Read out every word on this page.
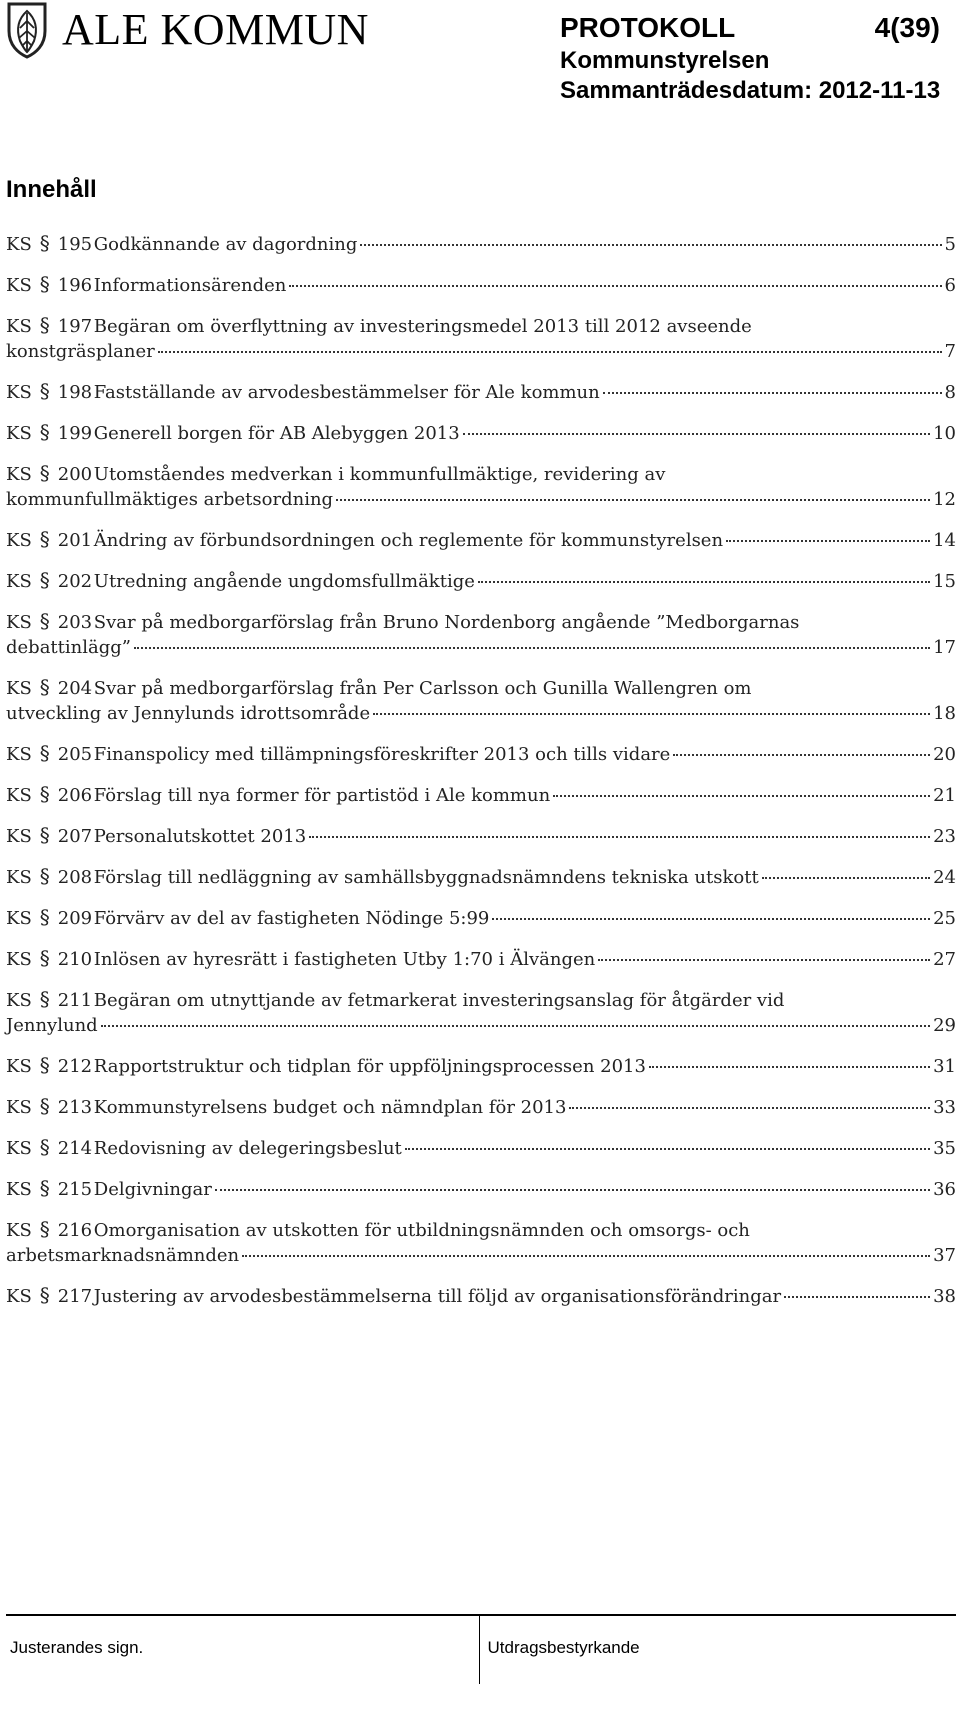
ALE KOMMUN	PROTOKOLL	4(39)
Kommunstyrelsen
Sammanträdesdatum: 2012-11-13
Innehåll
KS § 195 Godkännande av dagordning	5
KS § 196 Informationsärenden	6
KS § 197 Begäran om överflyttning av investeringsmedel 2013 till 2012 avseende
konstgräsplaner	7
KS § 198 Fastställande av arvodesbestämmelser för Ale kommun	8
KS § 199 Generell borgen för AB Alebyggen 2013	10
KS § 200 Utomståendes medverkan i kommunfullmäktige, revidering av
kommunfullmäktiges arbetsordning	12
KS § 201 Ändring av förbundsordningen och reglemente för kommunstyrelsen	14
KS § 202 Utredning angående ungdomsfullmäktige	15
KS § 203 Svar på medborgarförslag från Bruno Nordenborg angående ”Medborgarnas
debattinlägg”	17
KS § 204 Svar på medborgarförslag från Per Carlsson och Gunilla Wallengren om
utveckling av Jennylunds idrottsområde	18
KS § 205 Finanspolicy med tillämpningsföreskrifter 2013 och tills vidare	20
KS § 206 Förslag till nya former för partistöd i Ale kommun	21
KS § 207 Personalutskottet 2013	23
KS § 208 Förslag till nedläggning av samhällsbyggnadsnämndens tekniska utskott	24
KS § 209 Förvärv av del av fastigheten Nödinge 5:99	25
KS § 210 Inlösen av hyresrätt i fastigheten Utby 1:70 i Älvängen	27
KS § 211 Begäran om utnyttjande av fetmarkerat investeringsanslag för åtgärder vid
Jennylund	29
KS § 212 Rapportstruktur och tidplan för uppföljningsprocessen 2013	31
KS § 213 Kommunstyrelsens budget och nämndplan för 2013	33
KS § 214 Redovisning av delegeringsbeslut	35
KS § 215 Delgivningar	36
KS § 216 Omorganisation av utskotten för utbildningsnämnden och omsorgs- och
arbetsmarknadsnämnden	37
KS § 217 Justering av arvodesbestämmelserna till följd av organisationsförändringar	38
Justerandes sign.	Utdragsbestyrkande
